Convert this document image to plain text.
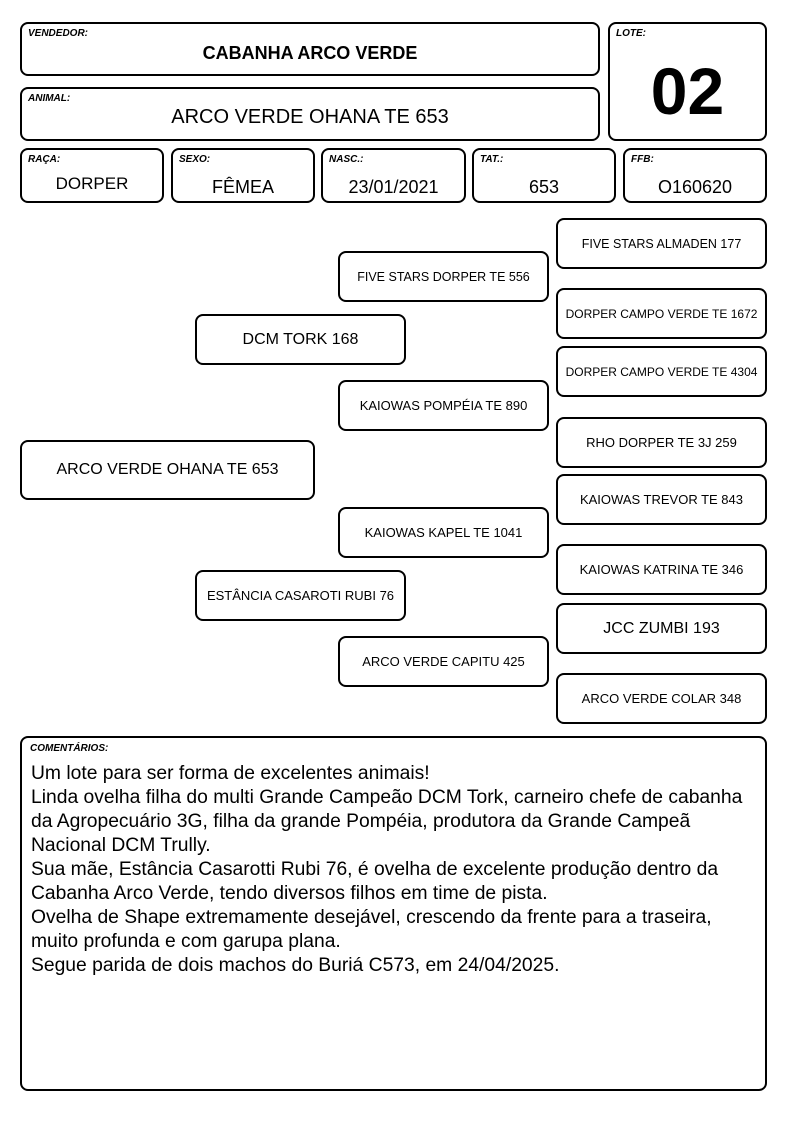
VENDEDOR:
CABANHA ARCO VERDE
ANIMAL:
ARCO VERDE OHANA TE 653
LOTE:
02
RAÇA:
DORPER
SEXO:
FÊMEA
NASC.:
23/01/2021
TAT.:
653
FFB:
O160620
ARCO VERDE OHANA TE 653
DCM TORK 168
ESTÂNCIA CASAROTI RUBI 76
FIVE STARS DORPER TE 556
KAIOWAS POMPÉIA TE 890
KAIOWAS KAPEL TE 1041
ARCO VERDE CAPITU 425
FIVE STARS ALMADEN 177
DORPER CAMPO VERDE TE 1672
DORPER CAMPO VERDE TE 4304
RHO DORPER TE 3J 259
KAIOWAS TREVOR TE 843
KAIOWAS KATRINA TE 346
JCC ZUMBI 193
ARCO VERDE COLAR 348
COMENTÁRIOS:
Um lote para ser forma de excelentes animais!
Linda ovelha filha do multi Grande Campeão DCM Tork, carneiro chefe de cabanha da Agropecuário 3G, filha da grande Pompéia, produtora da Grande Campeã Nacional DCM Trully.
Sua mãe, Estância Casarotti Rubi 76, é ovelha de excelente produção dentro da Cabanha Arco Verde, tendo diversos filhos em time de pista.
Ovelha de Shape extremamente desejável, crescendo da frente para a traseira, muito profunda e com garupa plana.
Segue parida de dois machos do Buriá C573, em 24/04/2025.
